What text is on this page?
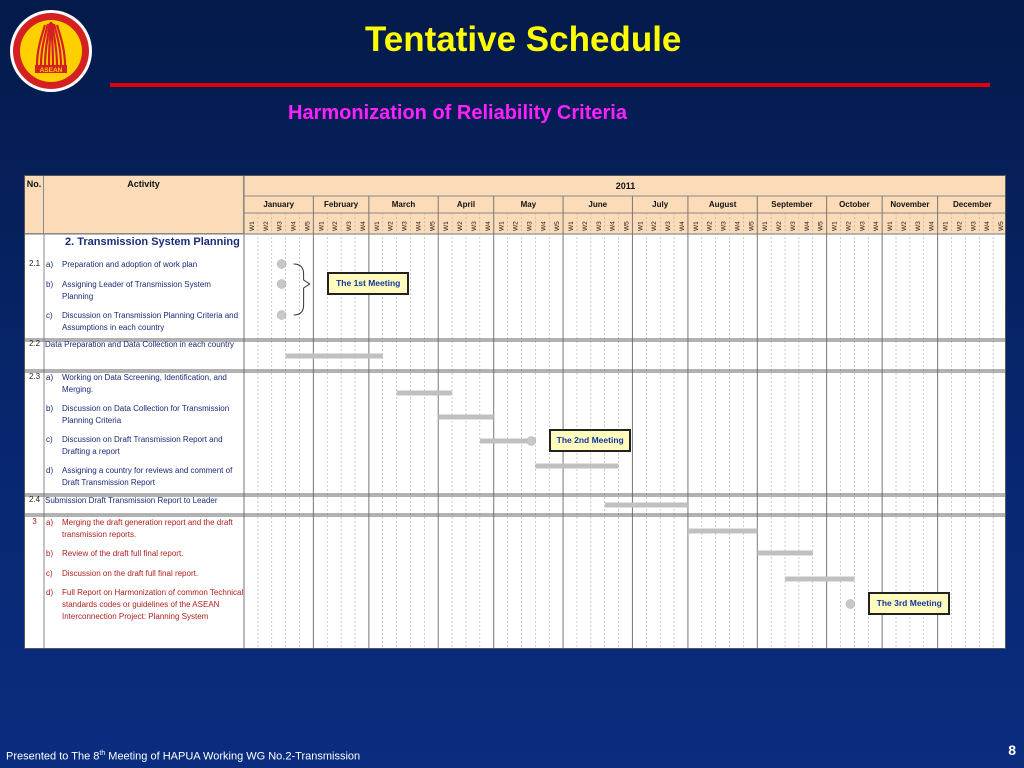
ASEAN
Tentative Schedule
Harmonization of Reliability Criteria
2011
January
W1 W2 W3 W4 W5
February
W1 W2 W3 W4
March
W1 W2 W3 W4 W5
April
W1 W2 W3 W4
May
W1 W2 W3 W4 W5
June
W1 W2 W3 W4 W5
July
W1 W2 W3 W4
August
W1 W2 W3 W4 W5
September
W1 W2 W3 W4 W5
October
W1 W2 W3 W4
November
W1 W2 W3 W4
December
W1 W2 W3 W4 W5
No.	Activity
2. Transmission System Planning
2.1 a)	Preparation and adoption of work plan
b)	Assigning Leader of Transmission System Planning
c)	Discussion on Transmission Planning Criteria and Assumptions in each country
2.2 Data Preparation and Data Collection in each country
2.3 a)	Working on Data Screening, Identification, and Merging.
b)	Discussion on Data Collection for Transmission Planning Criteria
c)	Discussion on Draft Transmission Report and Drafting a report
d)	Assigning a country for reviews and comment of Draft Transmission Report
2.4 Submission Draft Transmission Report to Leader
3	a)	Merging the draft generation report and the draft transmission reports.
b)	Review of the draft full final report.
c)	Discussion on the draft full final report.
d)	Full Report on Harmonization of common Technical standards codes or guidelines of the ASEAN Interconnection Project: Planning System
The 1st Meeting
The 2nd Meeting
The 3rd Meeting
Presented to The 8th Meeting of HAPUA Working WG No.2-Transmission	8
